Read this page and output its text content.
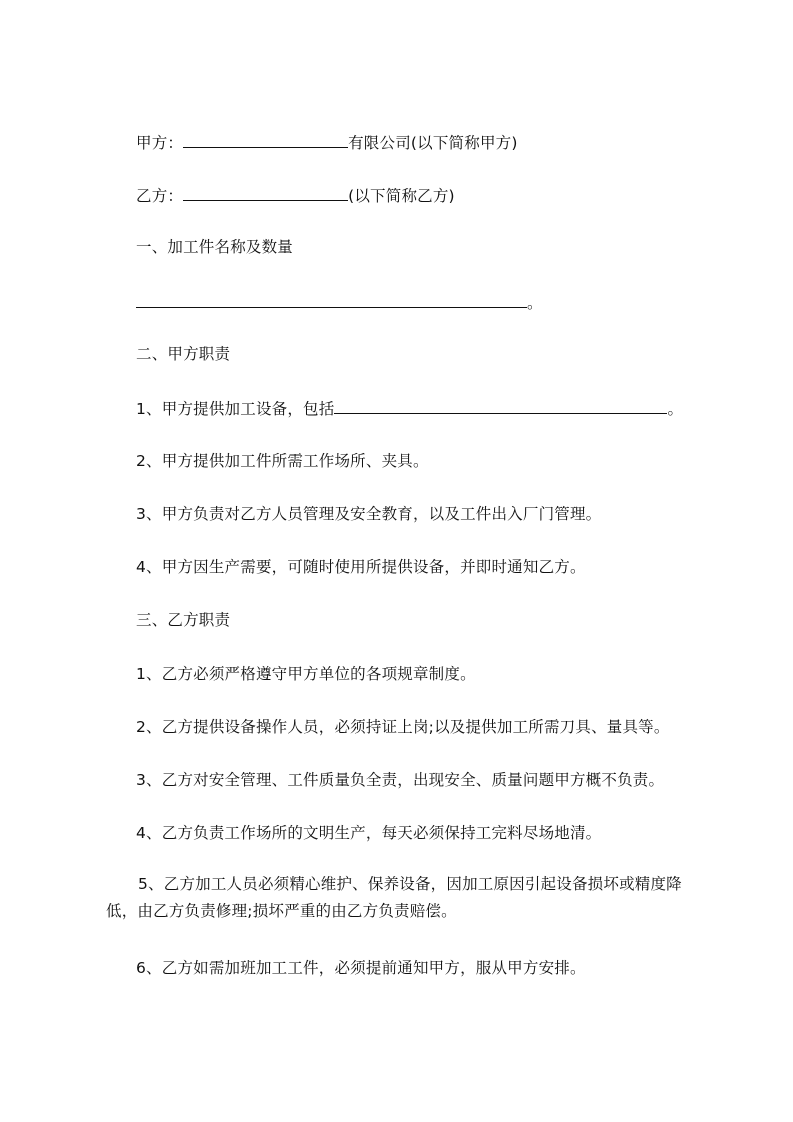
甲方：	有限公司(以下简称甲方)
乙方：	(以下简称乙方)
一、加工件名称及数量
。
二、甲方职责
1、甲方提供加工设备，包括	。
2、甲方提供加工件所需工作场所、夹具。
3、甲方负责对乙方人员管理及安全教育，以及工件出入厂门管理。
4、甲方因生产需要，可随时使用所提供设备，并即时通知乙方。
三、乙方职责
1、乙方必须严格遵守甲方单位的各项规章制度。
2、乙方提供设备操作人员，必须持证上岗;以及提供加工所需刀具、量具等。
3、乙方对安全管理、工件质量负全责，出现安全、质量问题甲方概不负责。
4、乙方负责工作场所的文明生产，每天必须保持工完料尽场地清。
5、乙方加工人员必须精心维护、保养设备，因加工原因引起设备损坏或精度降低，由乙方负责修理;损坏严重的由乙方负责赔偿。
6、乙方如需加班加工工件，必须提前通知甲方，服从甲方安排。
